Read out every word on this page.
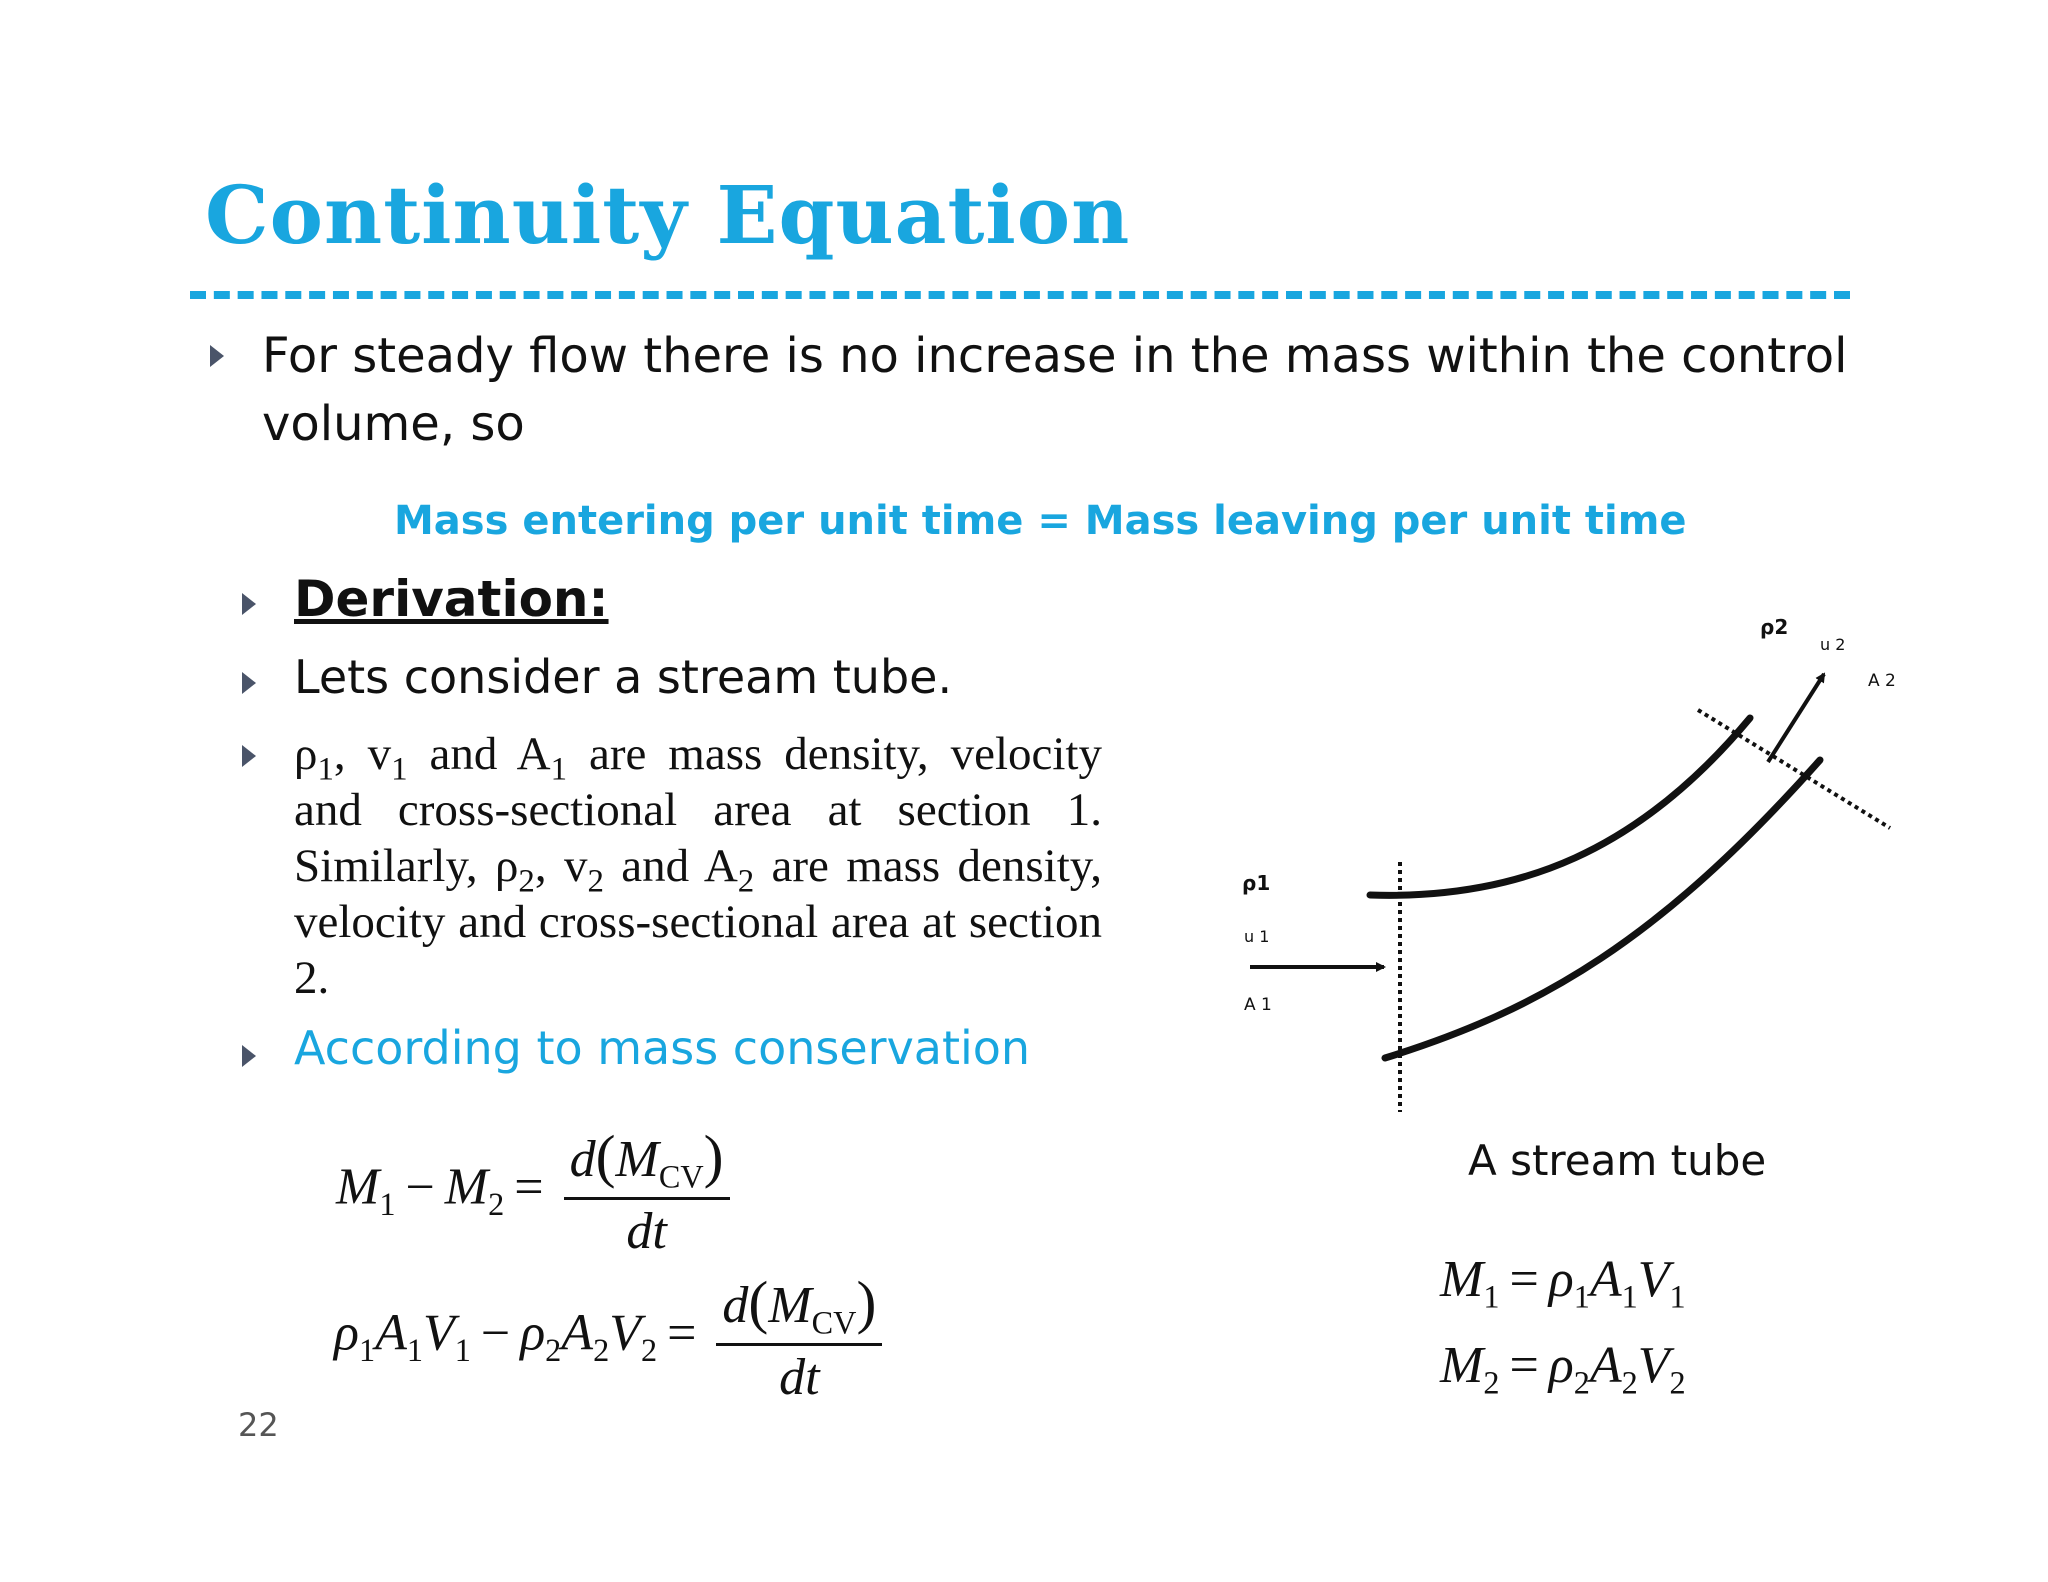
Continuity Equation
For steady flow there is no increase in the mass within the control volume, so
Mass entering per unit time = Mass leaving per unit time
Derivation:
Lets consider a stream tube.
$\rho_1$, $v_1$ and $A_1$ are mass density, velocity and cross-sectional area at section 1. Similarly, $\rho_2$, $v_2$ and $A_2$ are mass density, velocity and cross-sectional area at section 2.
According to mass conservation
$M_1 - M_2 = \frac{d(M_{CV})}{dt}$
$\rho_1A_1V_1 - \rho_2A_2V_2 = \frac{d(M_{CV})}{dt}$	$M_1 = \rho_1A_1V_1$
$M_2 = \rho_2A_2V_2$
22
A stream tube
ρ1
u 1
A 1
ρ2
u 2
A 2
